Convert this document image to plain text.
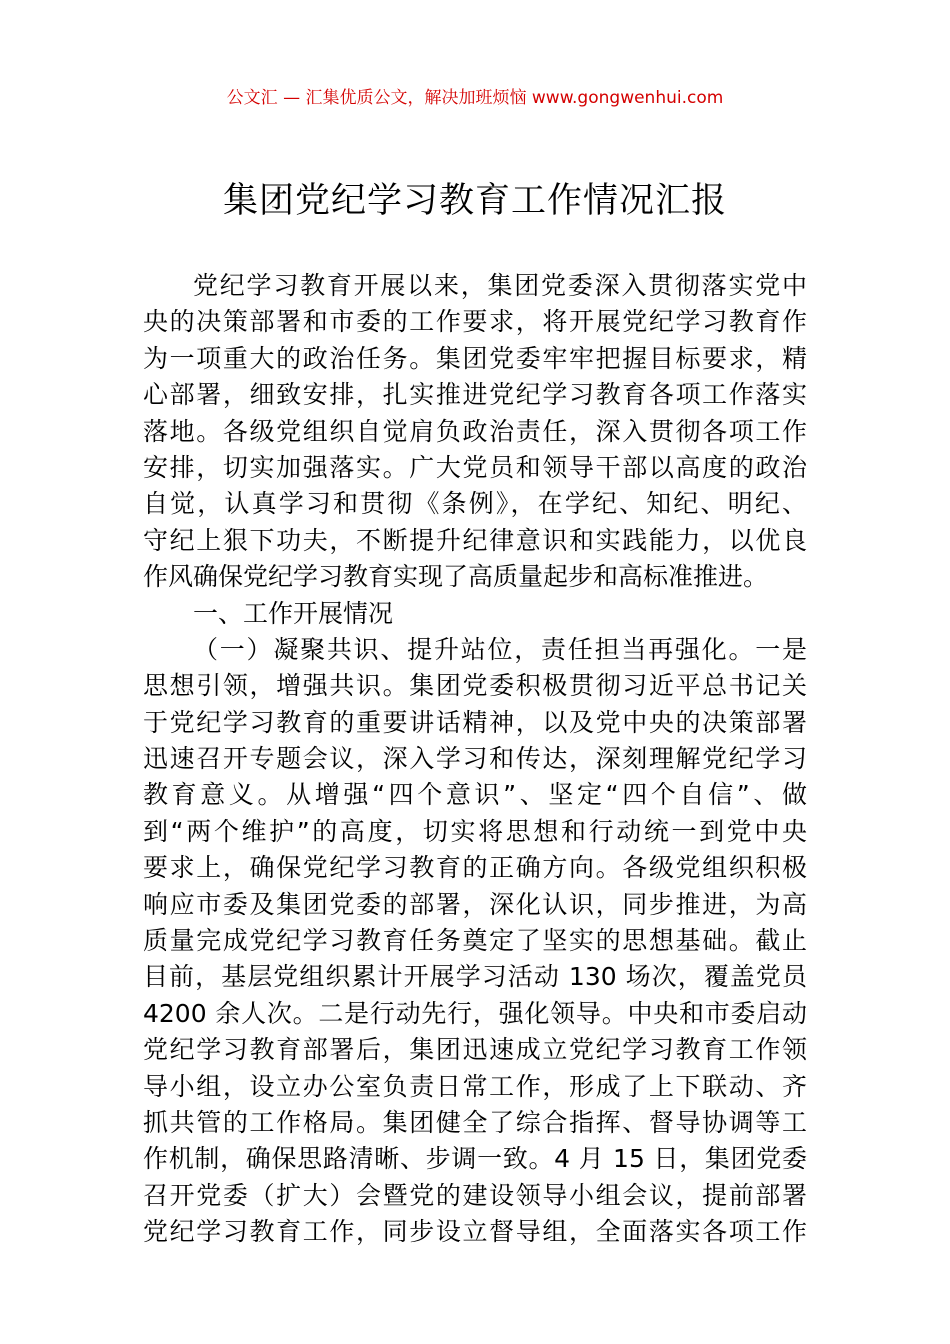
公文汇 — 汇集优质公文，解决加班烦恼 www.gongwenhui.com
集团党纪学习教育工作情况汇报
党纪学习教育开展以来，集团党委深入贯彻落实党中
央的决策部署和市委的工作要求，将开展党纪学习教育作
为一项重大的政治任务。集团党委牢牢把握目标要求，精
心部署，细致安排，扎实推进党纪学习教育各项工作落实
落地。各级党组织自觉肩负政治责任，深入贯彻各项工作
安排，切实加强落实。广大党员和领导干部以高度的政治
自觉，认真学习和贯彻《条例》，在学纪、知纪、明纪、
守纪上狠下功夫，不断提升纪律意识和实践能力，以优良
作风确保党纪学习教育实现了高质量起步和高标准推进。
一、工作开展情况
（一）凝聚共识、提升站位，责任担当再强化。一是
思想引领，增强共识。集团党委积极贯彻习近平总书记关
于党纪学习教育的重要讲话精神，以及党中央的决策部署
迅速召开专题会议，深入学习和传达，深刻理解党纪学习
教育意义。从增强“四个意识”、坚定“四个自信”、做
到“两个维护”的高度，切实将思想和行动统一到党中央
要求上，确保党纪学习教育的正确方向。各级党组织积极
响应市委及集团党委的部署，深化认识，同步推进，为高
质量完成党纪学习教育任务奠定了坚实的思想基础。截止
目前，基层党组织累计开展学习活动 130 场次，覆盖党员
4200 余人次。二是行动先行，强化领导。中央和市委启动
党纪学习教育部署后，集团迅速成立党纪学习教育工作领
导小组，设立办公室负责日常工作，形成了上下联动、齐
抓共管的工作格局。集团健全了综合指挥、督导协调等工
作机制，确保思路清晰、步调一致。4 月 15 日，集团党委
召开党委（扩大）会暨党的建设领导小组会议，提前部署
党纪学习教育工作，同步设立督导组，全面落实各项工作
